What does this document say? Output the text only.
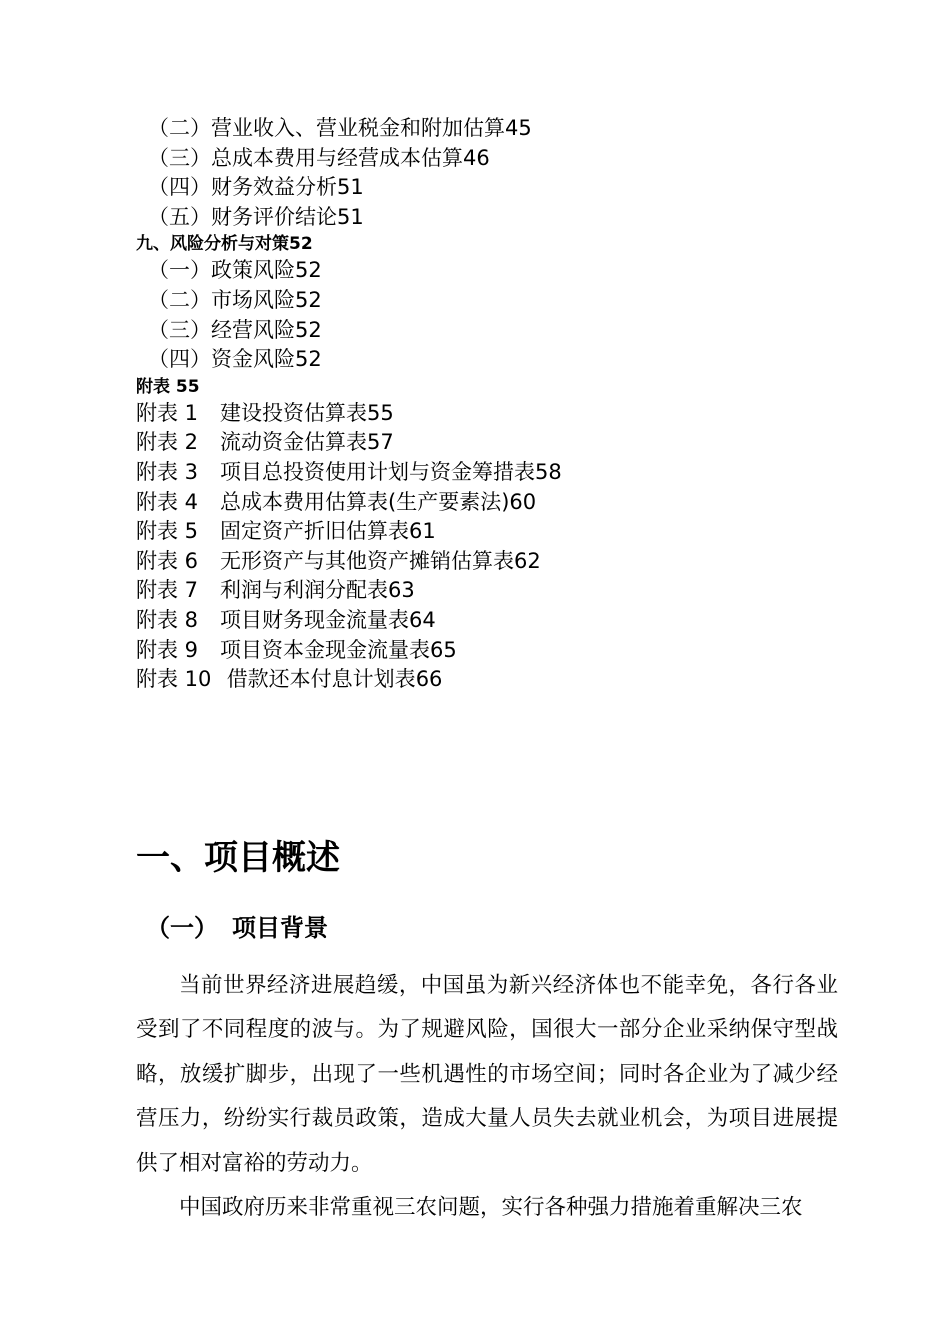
（二）营业收入、营业税金和附加估算45
（三）总成本费用与经营成本估算46
（四）财务效益分析51
（五）财务评价结论51
九、风险分析与对策52
（一）政策风险52
（二）市场风险52
（三）经营风险52
（四）资金风险52
附表 55
附表 1 建设投资估算表55
附表 2 流动资金估算表57
附表 3 项目总投资使用计划与资金筹措表58
附表 4 总成本费用估算表(生产要素法)60
附表 5 固定资产折旧估算表61
附表 6 无形资产与其他资产摊销估算表62
附表 7 利润与利润分配表63
附表 8 项目财务现金流量表64
附表 9 项目资本金现金流量表65
附表 10 借款还本付息计划表66
一、项目概述
（一） 项目背景

当前世界经济进展趋缓，中国虽为新兴经济体也不能幸免，各行各业受到了不同程度的波与。为了规避风险，国很大一部分企业采纳保守型战略，放缓扩脚步，出现了一些机遇性的市场空间；同时各企业为了减少经营压力，纷纷实行裁员政策，造成大量人员失去就业机会，为项目进展提供了相对富裕的劳动力。

中国政府历来非常重视三农问题，实行各种强力措施着重解决三农
